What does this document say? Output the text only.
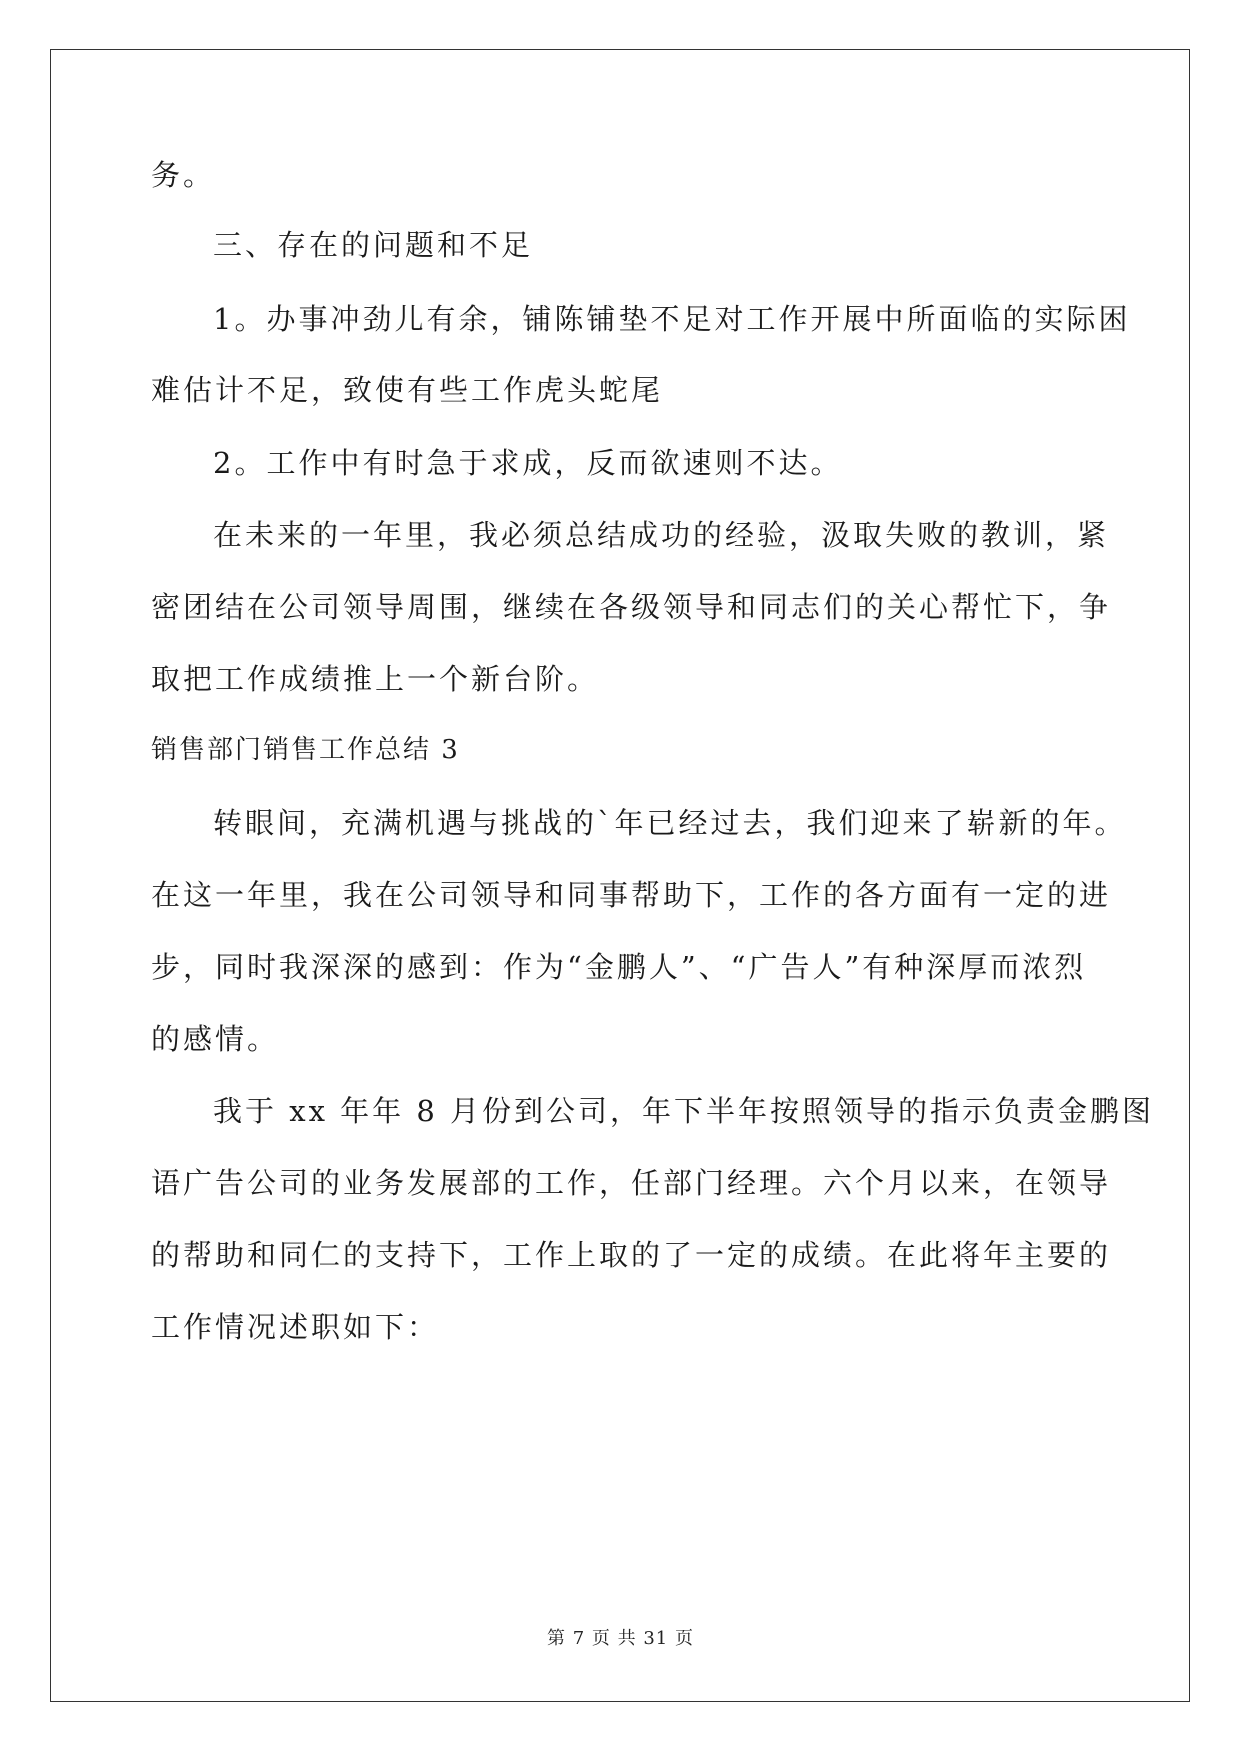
务。
三、存在的问题和不足
1。办事冲劲儿有余，铺陈铺垫不足对工作开展中所面临的实际困
难估计不足，致使有些工作虎头蛇尾
2。工作中有时急于求成，反而欲速则不达。
在未来的一年里，我必须总结成功的经验，汲取失败的教训，紧
密团结在公司领导周围，继续在各级领导和同志们的关心帮忙下，争
取把工作成绩推上一个新台阶。
销售部门销售工作总结 3
转眼间，充满机遇与挑战的`年已经过去，我们迎来了崭新的年。
在这一年里，我在公司领导和同事帮助下，工作的各方面有一定的进
步，同时我深深的感到：作为“金鹏人”、“广告人”有种深厚而浓烈
的感情。
我于 xx 年年 8 月份到公司，年下半年按照领导的指示负责金鹏图
语广告公司的业务发展部的工作，任部门经理。六个月以来，在领导
的帮助和同仁的支持下，工作上取的了一定的成绩。在此将年主要的
工作情况述职如下：
第 7 页 共 31 页
